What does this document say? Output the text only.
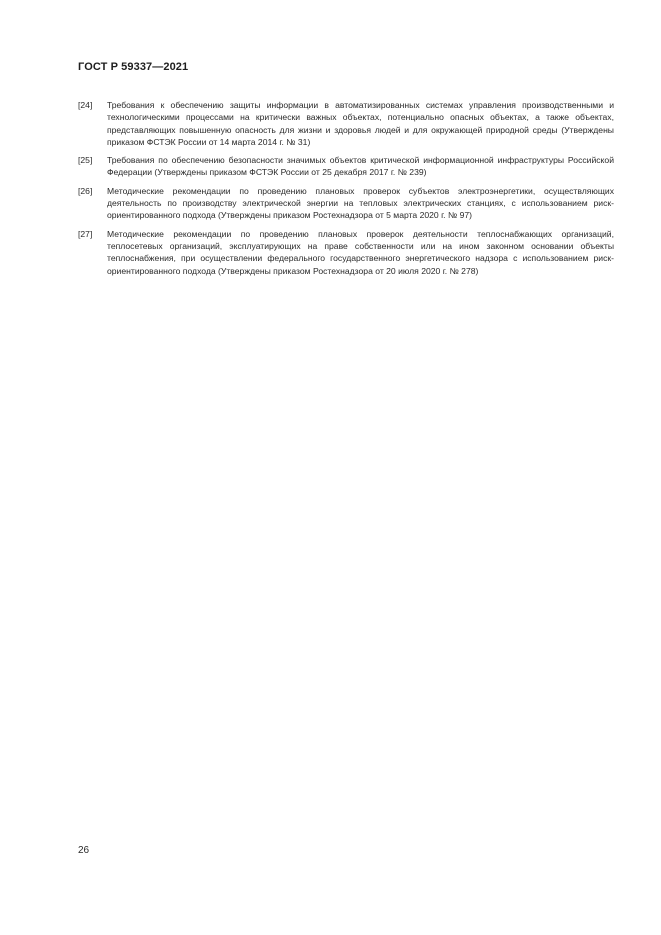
ГОСТ Р 59337—2021
[24]	Требования к обеспечению защиты информации в автоматизированных системах управления производственными и технологическими процессами на критически важных объектах, потенциально опасных объектах, а также объектах, представляющих повышенную опасность для жизни и здоровья людей и для окружающей природной среды (Утверждены приказом ФСТЭК России от 14 марта 2014 г. № 31)
[25]	Требования по обеспечению безопасности значимых объектов критической информационной инфраструктуры Российской Федерации (Утверждены приказом ФСТЭК России от 25 декабря 2017 г. № 239)
[26]	Методические рекомендации по проведению плановых проверок субъектов электроэнергетики, осуществляющих деятельность по производству электрической энергии на тепловых электрических станциях, с использованием риск-ориентированного подхода (Утверждены приказом Ростехнадзора от 5 марта 2020 г. № 97)
[27]	Методические рекомендации по проведению плановых проверок деятельности теплоснабжающих организаций, теплосетевых организаций, эксплуатирующих на праве собственности или на ином законном основании объекты теплоснабжения, при осуществлении федерального государственного энергетического надзора с использованием риск-ориентированного подхода (Утверждены приказом Ростехнадзора от 20 июля 2020 г. № 278)
26
